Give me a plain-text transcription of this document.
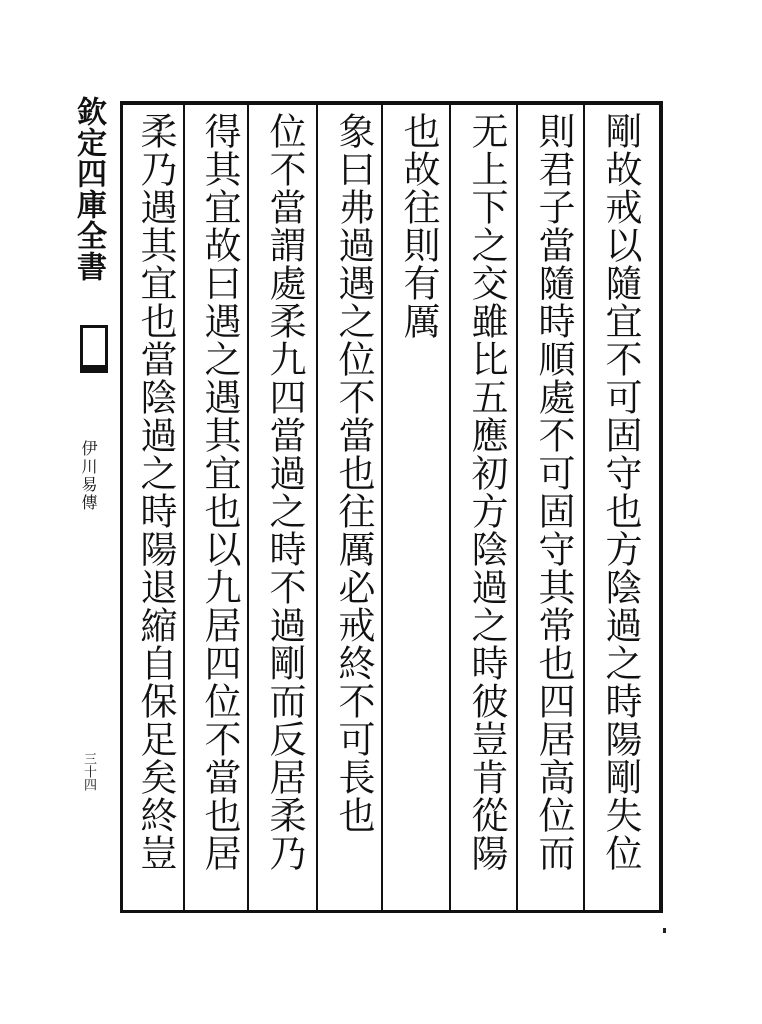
欽定四庫全書
伊川易傳
三十四	剛故戒以隨宜不可固守也方陰過之時陽剛失位
則君子當隨時順處不可固守其常也四居高位而
无上下之交雖比五應初方陰過之時彼豈肯從陽
也故往則有厲
象曰弗過遇之位不當也往厲必戒終不可長也
位不當謂處柔九四當過之時不過剛而反居柔乃
得其宜故曰遇之遇其宜也以九居四位不當也居
柔乃遇其宜也當陰過之時陽退縮自保足矣終豈
